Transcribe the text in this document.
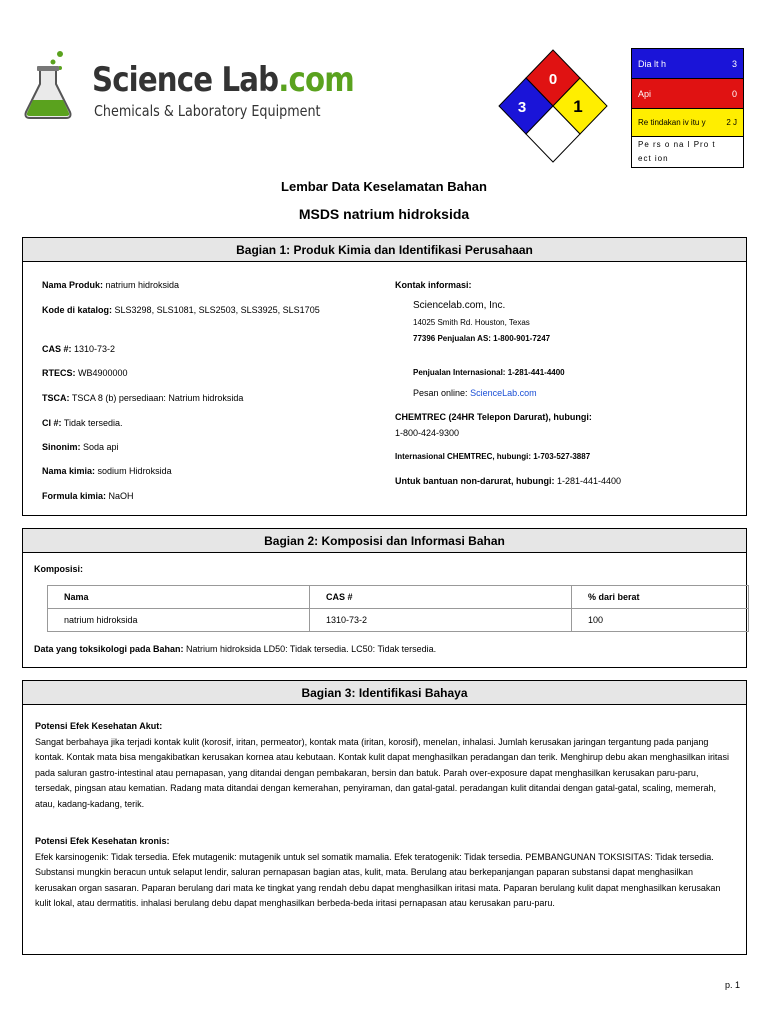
Science Lab.com
Chemicals & Laboratory Equipment
0
3	1
Dia lt h	3
Api	0
Re tindakan iv itu y	2 J
Pe rs o na l Pro tect ion
Lembar Data Keselamatan Bahan
MSDS natrium hidroksida
Bagian 1: Produk Kimia dan Identifikasi Perusahaan
Nama Produk: natrium hidroksida
Kode di katalog: SLS3298, SLS1081, SLS2503, SLS3925, SLS1705
CAS #: 1310-73-2
RTECS: WB4900000
TSCA: TSCA 8 (b) persediaan: Natrium hidroksida
CI #: Tidak tersedia.
Sinonim: Soda api
Nama kimia: sodium Hidroksida
Formula kimia: NaOH
Kontak informasi:
Sciencelab.com, Inc.
14025 Smith Rd. Houston, Texas
77396 Penjualan AS: 1-800-901-7247
Penjualan Internasional: 1-281-441-4400
Pesan online: ScienceLab.com
CHEMTREC (24HR Telepon Darurat), hubungi:
1-800-424-9300
Internasional CHEMTREC, hubungi: 1-703-527-3887
Untuk bantuan non-darurat, hubungi: 1-281-441-4400
Bagian 2: Komposisi dan Informasi Bahan
Komposisi:
Nama	CAS #	% dari berat
natrium hidroksida	1310-73-2	100
Data yang toksikologi pada Bahan: Natrium hidroksida LD50: Tidak tersedia. LC50: Tidak tersedia.
Bagian 3: Identifikasi Bahaya
Potensi Efek Kesehatan Akut:
Sangat berbahaya jika terjadi kontak kulit (korosif, iritan, permeator), kontak mata (iritan, korosif), menelan, inhalasi. Jumlah kerusakan jaringan tergantung pada panjang kontak. Kontak mata bisa mengakibatkan kerusakan kornea atau kebutaan. Kontak kulit dapat menghasilkan peradangan dan terik. Menghirup debu akan menghasilkan iritasi pada saluran gastro-intestinal atau pernapasan, yang ditandai dengan pembakaran, bersin dan batuk. Parah over-exposure dapat menghasilkan kerusakan paru-paru, tersedak, pingsan atau kematian. Radang mata ditandai dengan kemerahan, penyiraman, dan gatal-gatal. peradangan kulit ditandai dengan gatal-gatal, scaling, memerah, atau, kadang-kadang, terik.
Potensi Efek Kesehatan kronis:
Efek karsinogenik: Tidak tersedia. Efek mutagenik: mutagenik untuk sel somatik mamalia. Efek teratogenik: Tidak tersedia. PEMBANGUNAN TOKSISITAS: Tidak tersedia. Substansi mungkin beracun untuk selaput lendir, saluran pernapasan bagian atas, kulit, mata. Berulang atau berkepanjangan paparan substansi dapat menghasilkan kerusakan organ sasaran. Paparan berulang dari mata ke tingkat yang rendah debu dapat menghasilkan iritasi mata. Paparan berulang kulit dapat menghasilkan kerusakan kulit lokal, atau dermatitis. inhalasi berulang debu dapat menghasilkan berbeda-beda iritasi pernapasan atau kerusakan paru-paru.
p. 1
